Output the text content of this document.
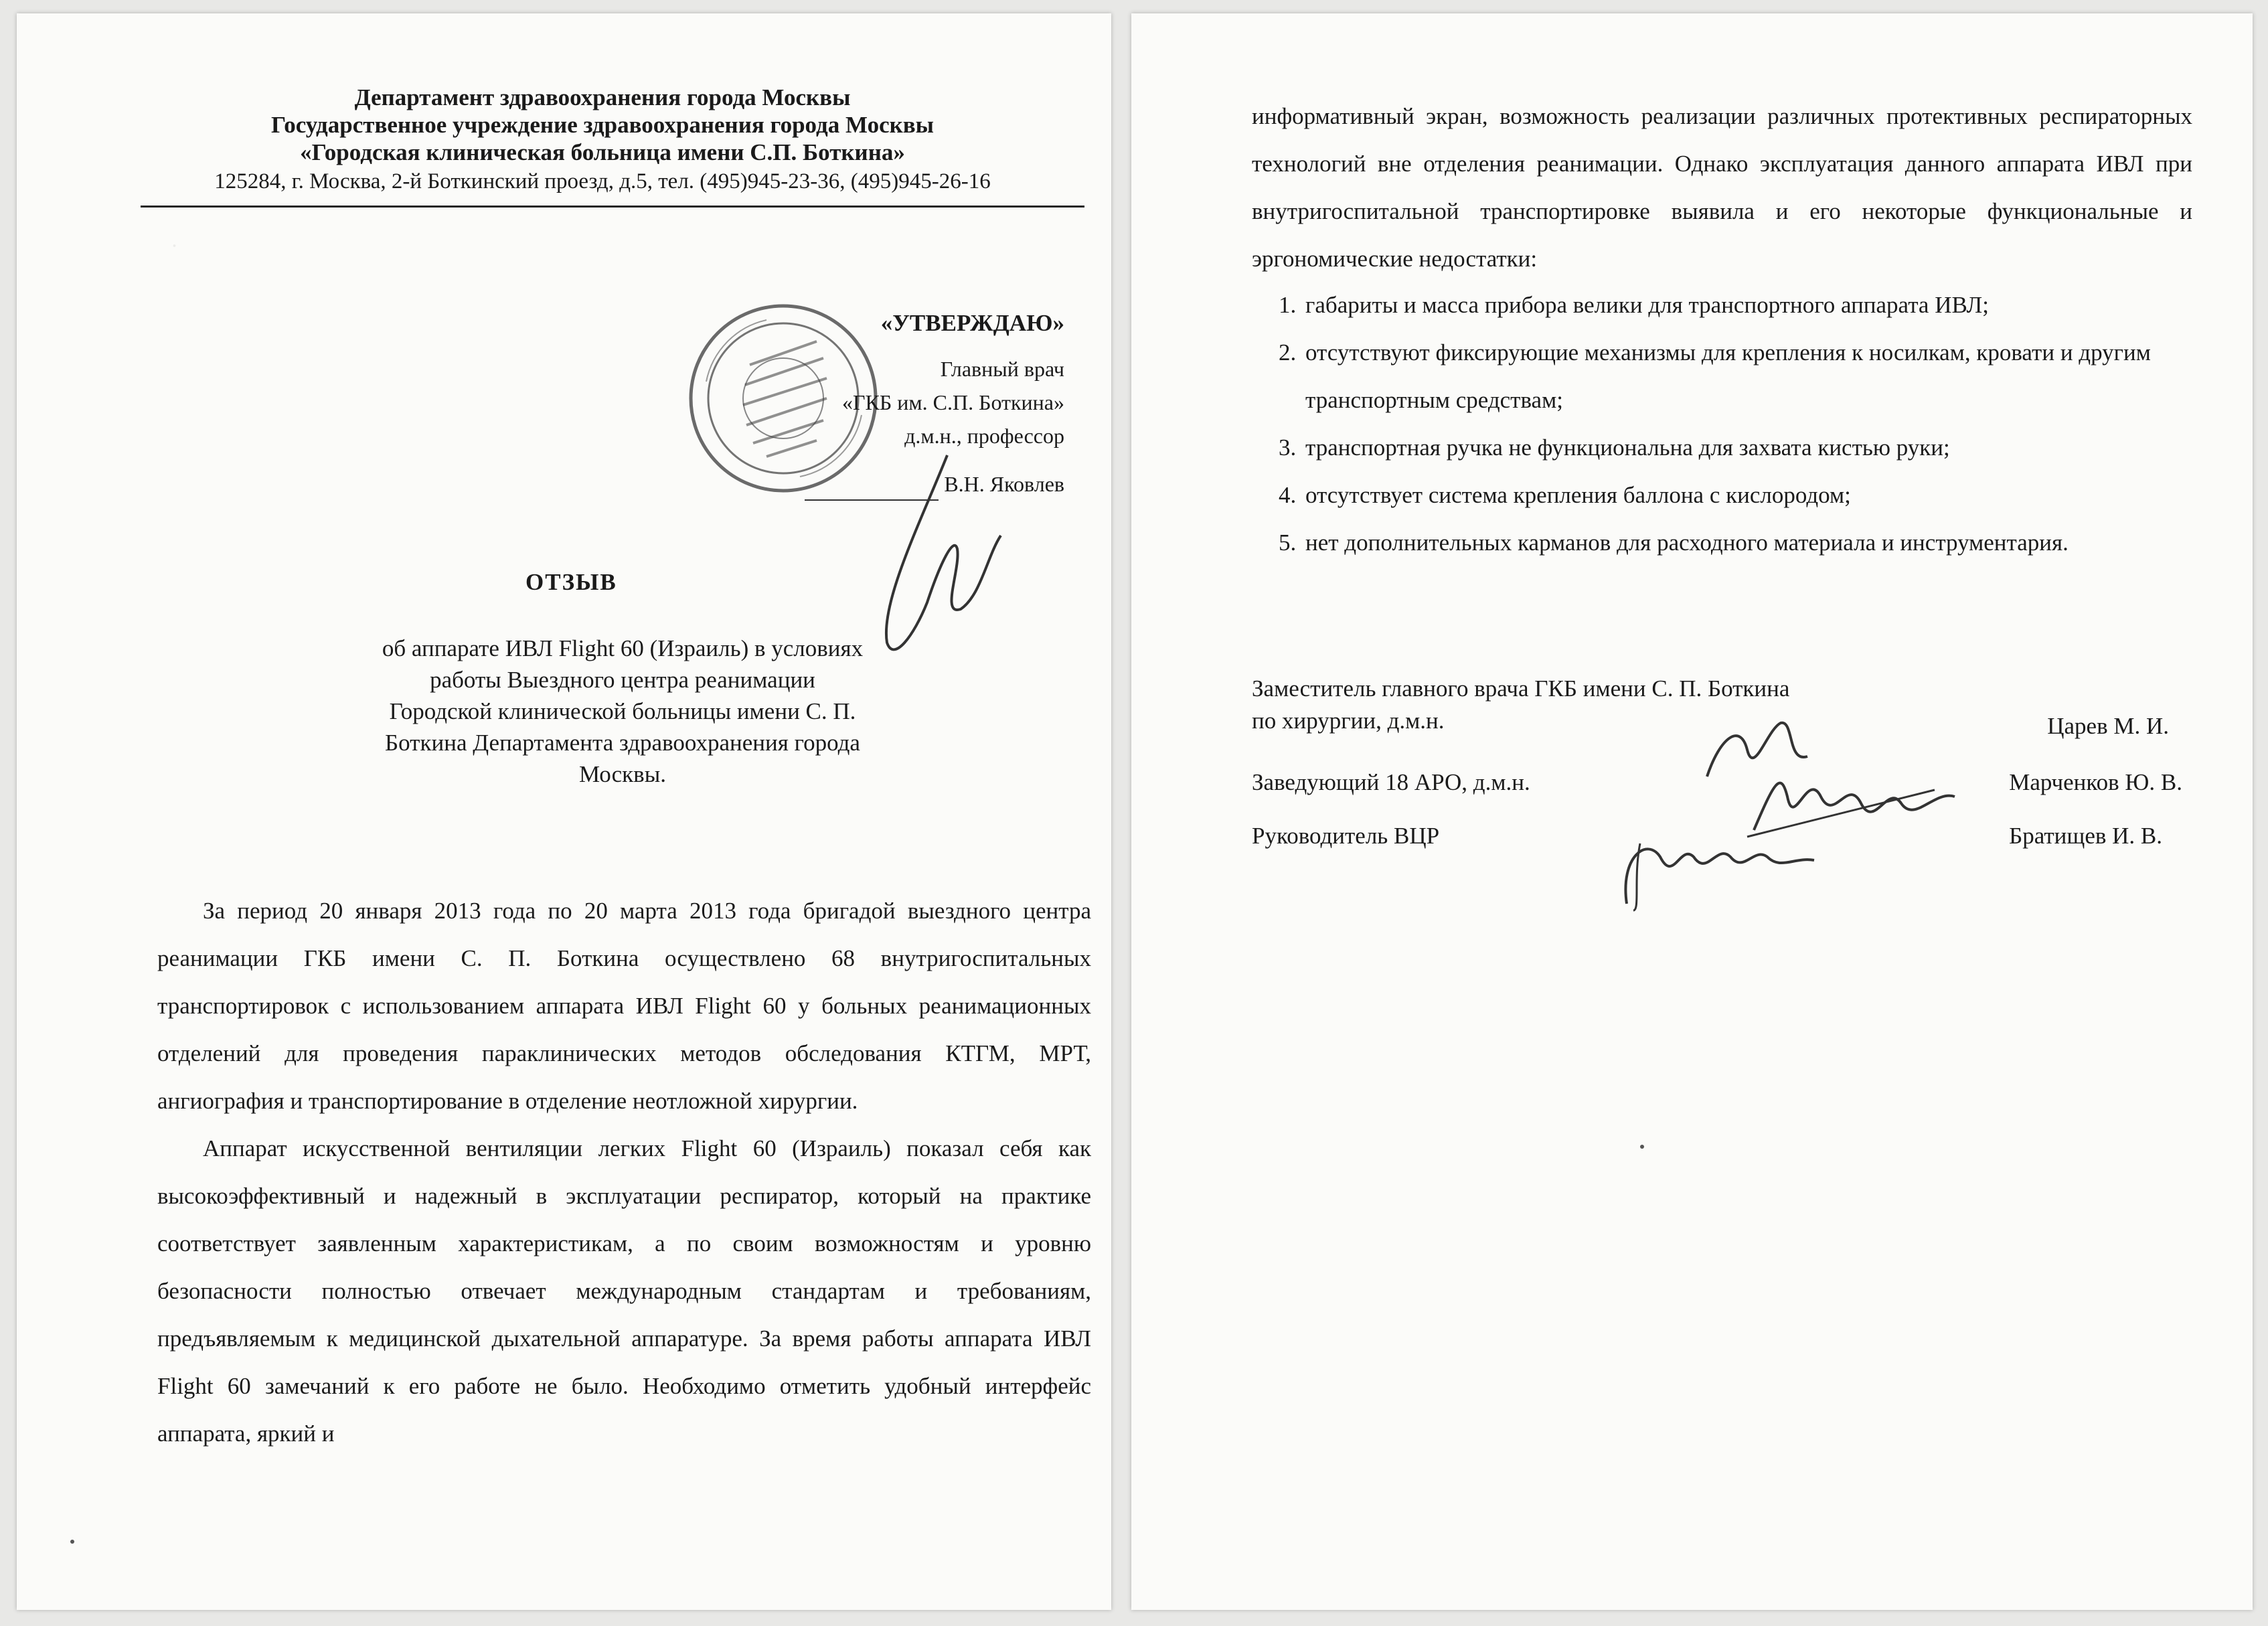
·
Департамент здравоохранения города Москвы
Государственное учреждение здравоохранения города Москвы
«Городская клиническая больница имени С.П. Боткина»
125284, г. Москва, 2-й Боткинский проезд, д.5, тел. (495)945-23-36, (495)945-26-16
«УТВЕРЖДАЮ»
Главный врач
«ГКБ им. С.П. Боткина»
д.м.н., профессор
В.Н. Яковлев
ОТЗЫВ
об аппарате ИВЛ Flight 60 (Израиль) в условиях
работы Выездного центра реанимации
Городской клинической больницы имени С. П.
Боткина Департамента здравоохранения города
Москвы.

За период 20 января 2013 года по 20 марта 2013 года бригадой выездного центра реанимации ГКБ имени С. П. Боткина осуществлено 68 внутригоспитальных транспортировок с использованием аппарата ИВЛ Flight 60 у больных реанимационных отделений для проведения параклинических методов обследования КТГМ, МРТ, ангиография и транспортирование в отделение неотложной хирургии.

Аппарат искусственной вентиляции легких Flight 60 (Израиль) показал себя как высокоэффективный и надежный в эксплуатации респиратор, который на практике соответствует заявленным характеристикам, а по своим возможностям и уровню безопасности полностью отвечает международным стандартам и требованиям, предъявляемым к медицинской дыхательной аппаратуре. За время работы аппарата ИВЛ Flight 60 замечаний к его работе не было. Необходимо отметить удобный интерфейс аппарата, яркий и

информативный экран, возможность реализации различных протективных респираторных технологий вне отделения реанимации. Однако эксплуатация данного аппарата ИВЛ при внутригоспитальной транспортировке выявила и его некоторые функциональные и эргономические недостатки:

1. габариты и масса прибора велики для транспортного аппарата ИВЛ;
2. отсутствуют фиксирующие механизмы для крепления к носилкам, кровати и другим транспортным средствам;
3. транспортная ручка не функциональна для захвата кистью руки;
4. отсутствует система крепления баллона с кислородом;
5. нет дополнительных карманов для расходного материала и инструментария.
Заместитель главного врача ГКБ имени С. П. Боткина
по хирургии, д.м.н.	Царев М. И.
Заведующий 18 АРО, д.м.н.	Марченков Ю. В.
Руководитель ВЦР	Братищев И. В.
